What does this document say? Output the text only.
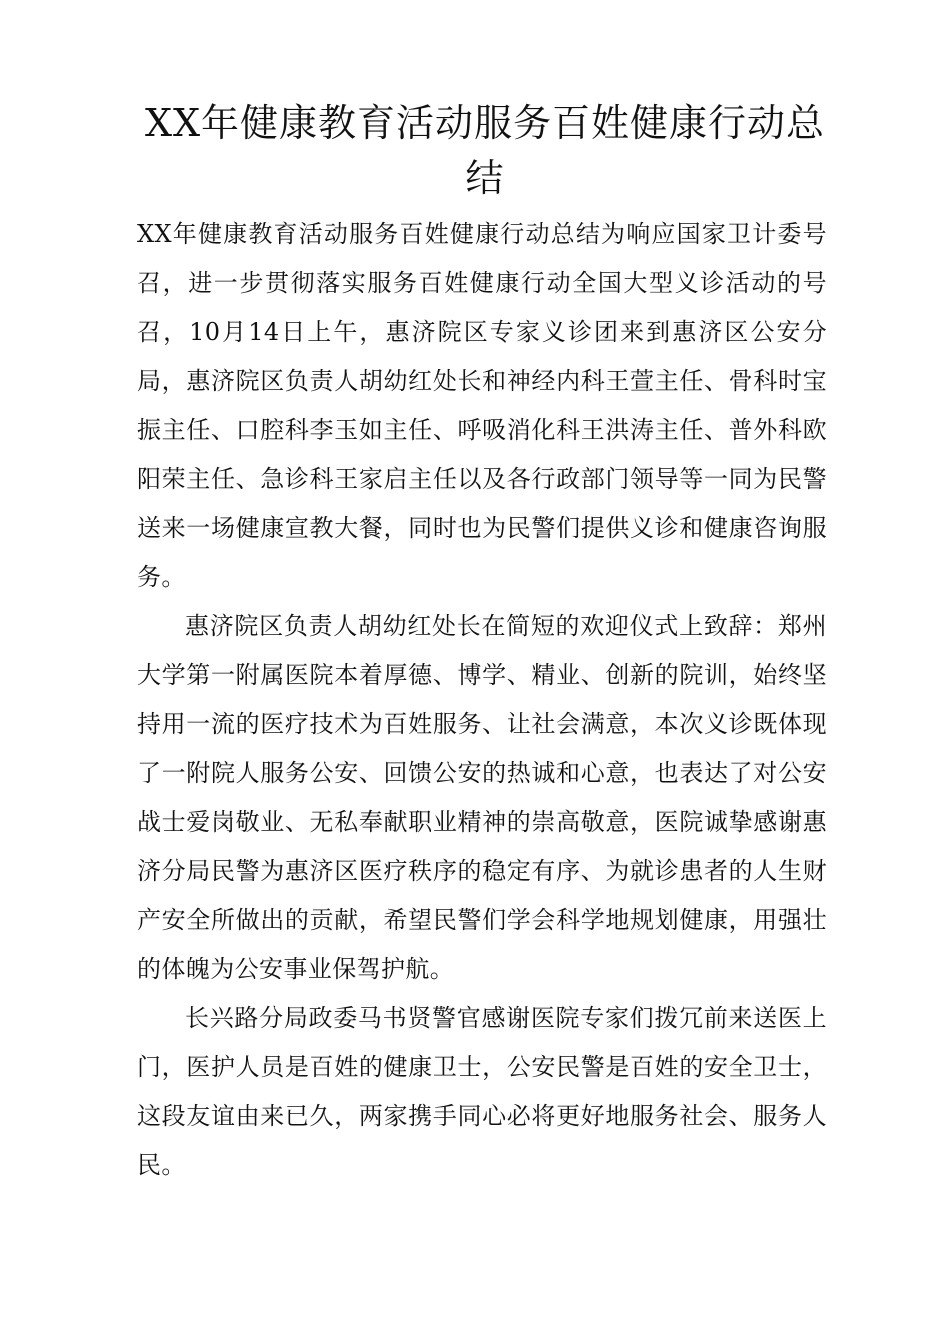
XX年健康教育活动服务百姓健康行动总结

XX年健康教育活动服务百姓健康行动总结为响应国家卫计委号召，进一步贯彻落实服务百姓健康行动全国大型义诊活动的号召，10月14日上午，惠济院区专家义诊团来到惠济区公安分局，惠济院区负责人胡幼红处长和神经内科王萱主任、骨科时宝振主任、口腔科李玉如主任、呼吸消化科王洪涛主任、普外科欧阳荣主任、急诊科王家启主任以及各行政部门领导等一同为民警送来一场健康宣教大餐，同时也为民警们提供义诊和健康咨询服务。

惠济院区负责人胡幼红处长在简短的欢迎仪式上致辞：郑州大学第一附属医院本着厚德、博学、精业、创新的院训，始终坚持用一流的医疗技术为百姓服务、让社会满意，本次义诊既体现了一附院人服务公安、回馈公安的热诚和心意，也表达了对公安战士爱岗敬业、无私奉献职业精神的崇高敬意，医院诚挚感谢惠济分局民警为惠济区医疗秩序的稳定有序、为就诊患者的人生财产安全所做出的贡献，希望民警们学会科学地规划健康，用强壮的体魄为公安事业保驾护航。

长兴路分局政委马书贤警官感谢医院专家们拨冗前来送医上门，医护人员是百姓的健康卫士，公安民警是百姓的安全卫士，这段友谊由来已久，两家携手同心必将更好地服务社会、服务人民。
